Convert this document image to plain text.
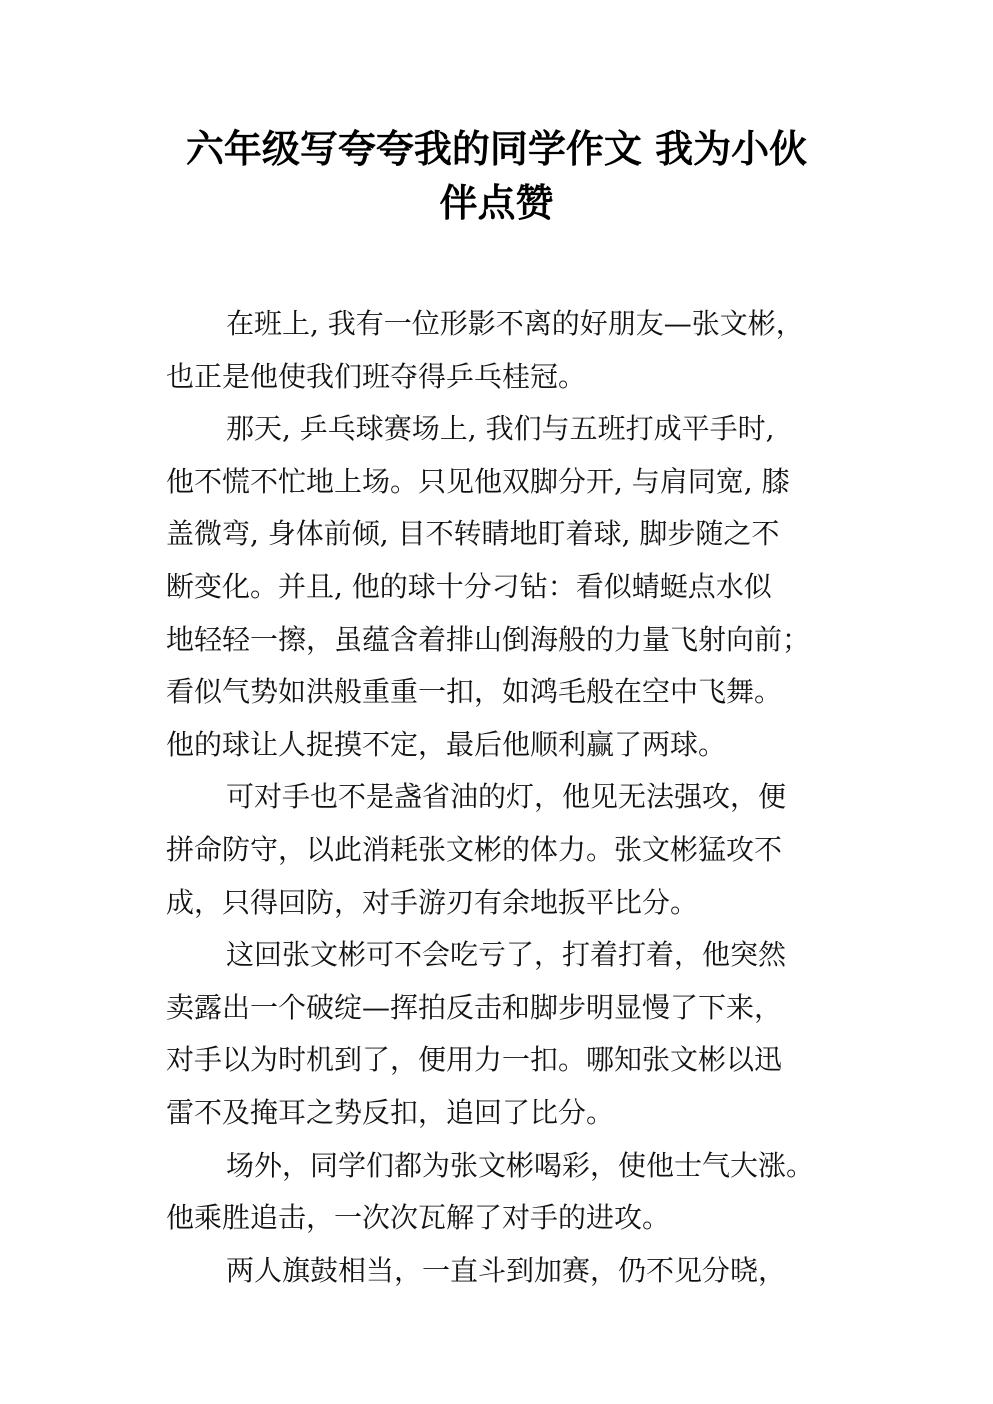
六年级写夸夸我的同学作文 我为小伙
伴点赞
在班上, 我有一位形影不离的好朋友—张文彬，
也正是他使我们班夺得乒乓桂冠。
那天, 乒乓球赛场上, 我们与五班打成平手时,
他不慌不忙地上场。只见他双脚分开, 与肩同宽, 膝
盖微弯, 身体前倾, 目不转睛地盯着球, 脚步随之不
断变化。并且, 他的球十分刁钻：看似蜻蜓点水似
地轻轻一擦，虽蕴含着排山倒海般的力量飞射向前；
看似气势如洪般重重一扣，如鸿毛般在空中飞舞。
他的球让人捉摸不定，最后他顺利赢了两球。
可对手也不是盏省油的灯，他见无法强攻，便
拼命防守，以此消耗张文彬的体力。张文彬猛攻不
成，只得回防，对手游刃有余地扳平比分。
这回张文彬可不会吃亏了，打着打着，他突然
卖露出一个破绽—挥拍反击和脚步明显慢了下来，
对手以为时机到了，便用力一扣。哪知张文彬以迅
雷不及掩耳之势反扣，追回了比分。
场外，同学们都为张文彬喝彩，使他士气大涨。
他乘胜追击，一次次瓦解了对手的进攻。
两人旗鼓相当，一直斗到加赛，仍不见分晓，
